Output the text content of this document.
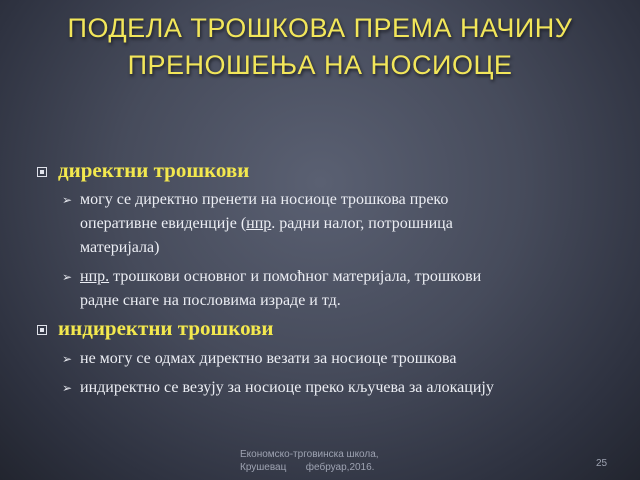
ПОДЕЛА ТРОШКОВА ПРЕМА НАЧИНУ
ПРЕНОШЕЊА НА НОСИОЦЕ
директни трошкови
➢ могу се директно пренети на носиоце трошкова преко
оперативне евиденције (нпр. радни налог, потрошница
материјала)
➢ нпр. трошкови основног и помоћног материјала, трошкови
радне снаге на пословима израде и тд.
индиректни трошкови
➢ не могу се одмах директно везати за носиоце трошкова
➢ индиректно се везују за носиоце преко кључева за алокацију
Економско-трговинска школа,
Крушевац       фебруар,2016.	25
